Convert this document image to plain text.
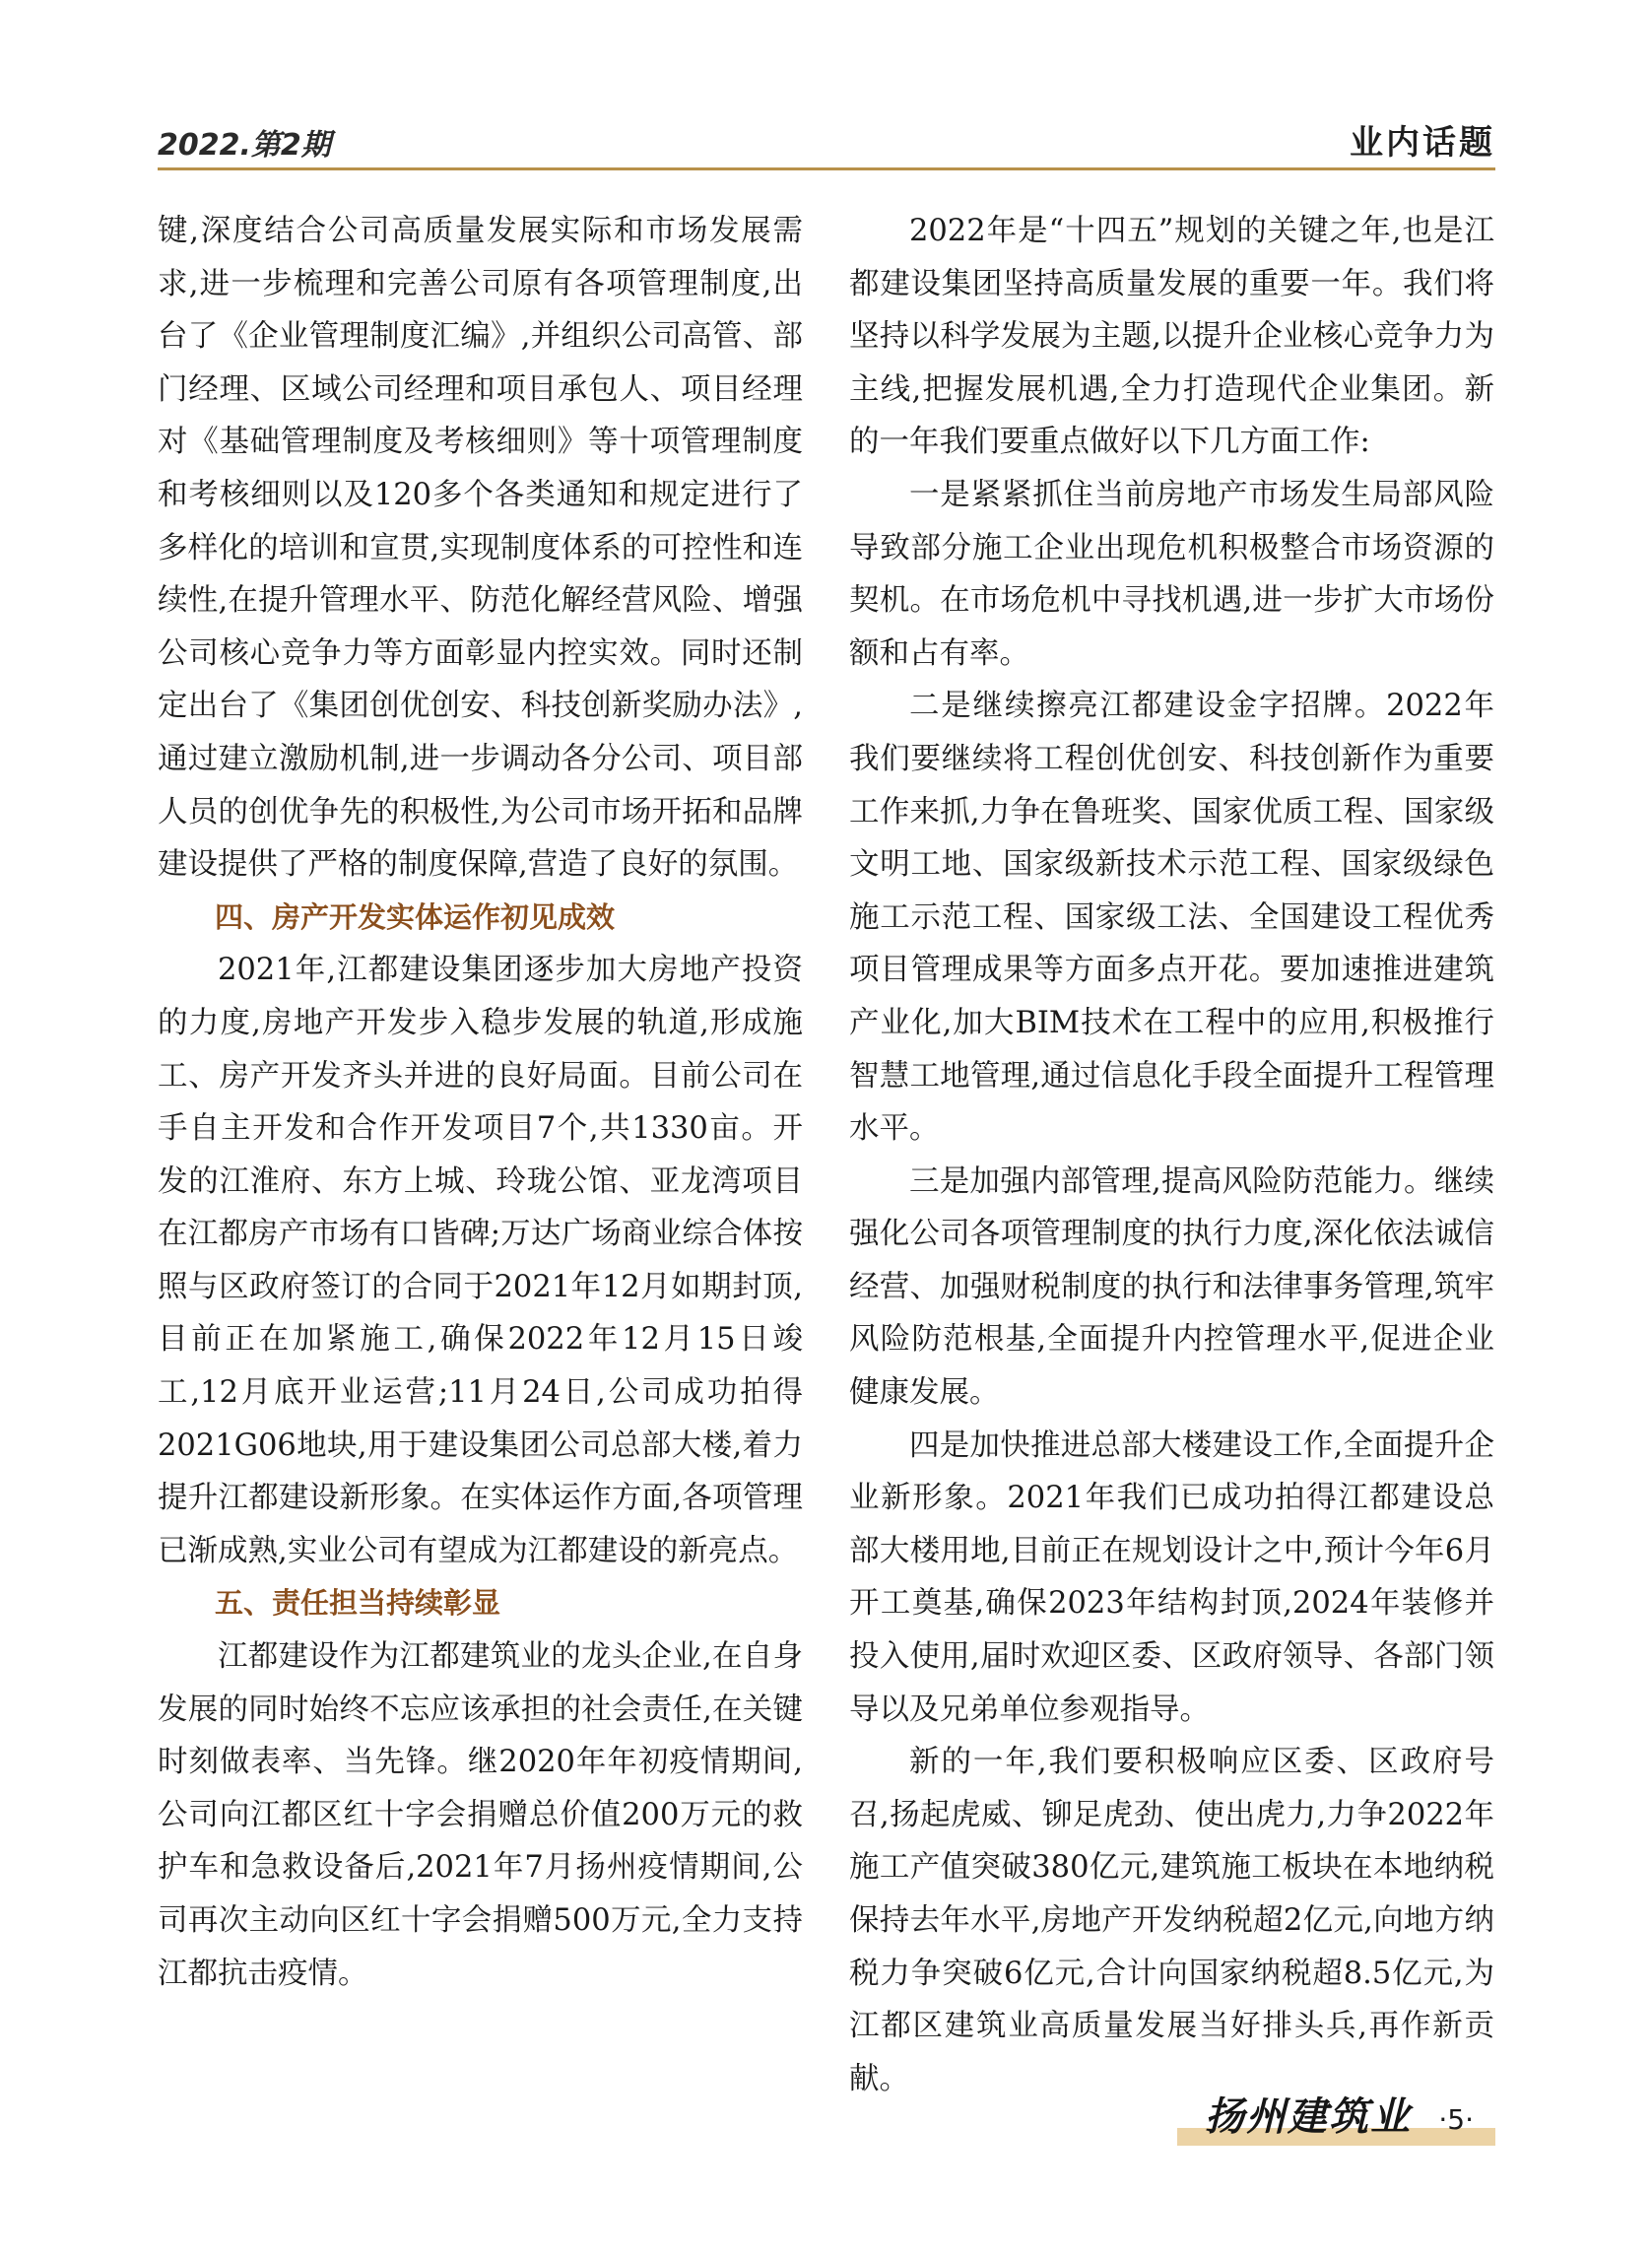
2022.第2期	业内话题

键,深度结合公司高质量发展实际和市场发展需求,进一步梳理和完善公司原有各项管理制度,出台了《企业管理制度汇编》,并组织公司高管、部门经理、区域公司经理和项目承包人、项目经理对《基础管理制度及考核细则》等十项管理制度和考核细则以及120多个各类通知和规定进行了多样化的培训和宣贯,实现制度体系的可控性和连续性,在提升管理水平、防范化解经营风险、增强公司核心竞争力等方面彰显内控实效。同时还制定出台了《集团创优创安、科技创新奖励办法》,通过建立激励机制,进一步调动各分公司、项目部人员的创优争先的积极性,为公司市场开拓和品牌建设提供了严格的制度保障,营造了良好的氛围。

四、房产开发实体运作初见成效

2021年,江都建设集团逐步加大房地产投资的力度,房地产开发步入稳步发展的轨道,形成施工、房产开发齐头并进的良好局面。目前公司在手自主开发和合作开发项目7个,共1330亩。开发的江淮府、东方上城、玲珑公馆、亚龙湾项目在江都房产市场有口皆碑;万达广场商业综合体按照与区政府签订的合同于2021年12月如期封顶,目前正在加紧施工,确保2022年12月15日竣工,12月底开业运营;11月24日,公司成功拍得2021G06地块,用于建设集团公司总部大楼,着力提升江都建设新形象。在实体运作方面,各项管理已渐成熟,实业公司有望成为江都建设的新亮点。

五、责任担当持续彰显

江都建设作为江都建筑业的龙头企业,在自身发展的同时始终不忘应该承担的社会责任,在关键时刻做表率、当先锋。继2020年年初疫情期间,公司向江都区红十字会捐赠总价值200万元的救护车和急救设备后,2021年7月扬州疫情期间,公司再次主动向区红十字会捐赠500万元,全力支持江都抗击疫情。

2022年是“十四五”规划的关键之年,也是江都建设集团坚持高质量发展的重要一年。我们将坚持以科学发展为主题,以提升企业核心竞争力为主线,把握发展机遇,全力打造现代企业集团。新的一年我们要重点做好以下几方面工作:

一是紧紧抓住当前房地产市场发生局部风险导致部分施工企业出现危机积极整合市场资源的契机。在市场危机中寻找机遇,进一步扩大市场份额和占有率。

二是继续擦亮江都建设金字招牌。2022年我们要继续将工程创优创安、科技创新作为重要工作来抓,力争在鲁班奖、国家优质工程、国家级文明工地、国家级新技术示范工程、国家级绿色施工示范工程、国家级工法、全国建设工程优秀项目管理成果等方面多点开花。要加速推进建筑产业化,加大BIM技术在工程中的应用,积极推行智慧工地管理,通过信息化手段全面提升工程管理水平。

三是加强内部管理,提高风险防范能力。继续强化公司各项管理制度的执行力度,深化依法诚信经营、加强财税制度的执行和法律事务管理,筑牢风险防范根基,全面提升内控管理水平,促进企业健康发展。

四是加快推进总部大楼建设工作,全面提升企业新形象。2021年我们已成功拍得江都建设总部大楼用地,目前正在规划设计之中,预计今年6月开工奠基,确保2023年结构封顶,2024年装修并投入使用,届时欢迎区委、区政府领导、各部门领导以及兄弟单位参观指导。

新的一年,我们要积极响应区委、区政府号召,扬起虎威、铆足虎劲、使出虎力,力争2022年施工产值突破380亿元,建筑施工板块在本地纳税保持去年水平,房地产开发纳税超2亿元,向地方纳税力争突破6亿元,合计向国家纳税超8.5亿元,为江都区建筑业高质量发展当好排头兵,再作新贡献。

扬州建筑业 ·5·
